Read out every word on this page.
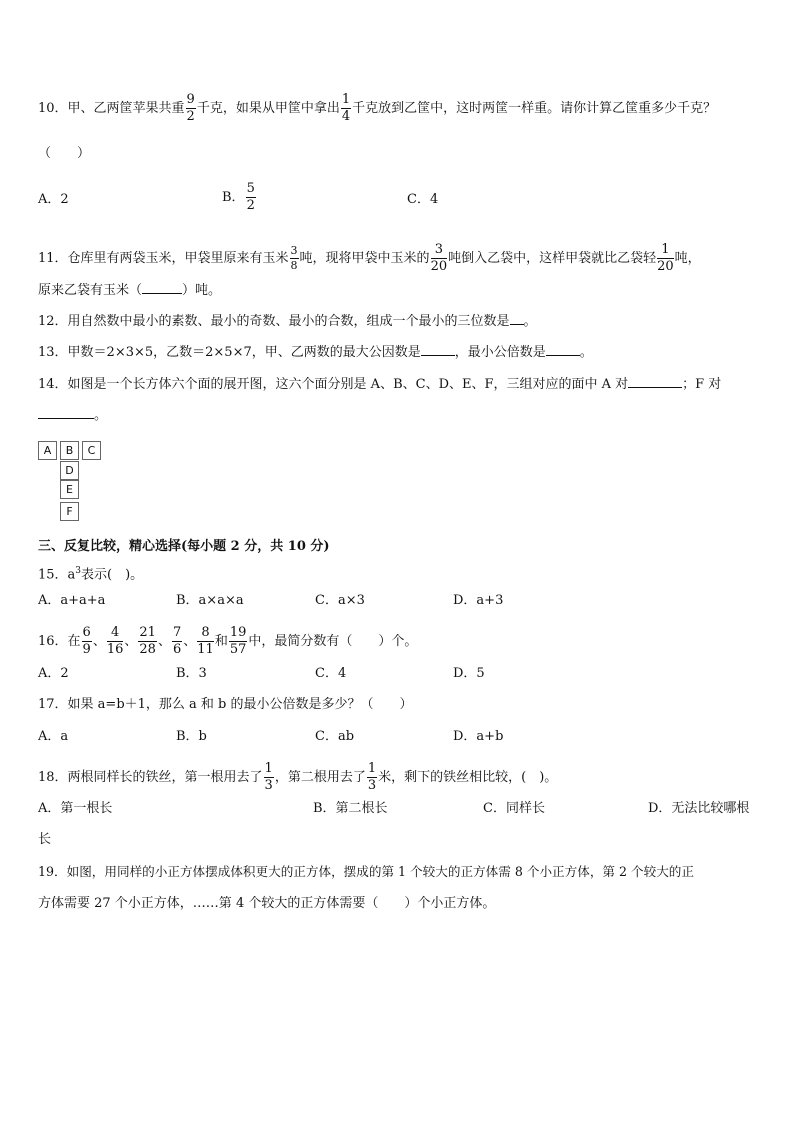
10．甲、乙两筐苹果共重 $\frac{9}{2}$ 千克，如果从甲筐中拿出 $\frac{1}{4}$ 千克放到乙筐中，这时两筐一样重。请你计算乙筐重多少千克？
（　　）
A．2	B． $\frac{5}{2}$	C．4
11．仓库里有两袋玉米，甲袋里原来有玉米 $\frac{3}{8}$ 吨，现将甲袋中玉米的 $\frac{3}{20}$ 吨倒入乙袋中，这样甲袋就比乙袋轻 $\frac{1}{20}$ 吨，
原来乙袋有玉米（	）吨。
12．用自然数中最小的素数、最小的奇数、最小的合数，组成一个最小的三位数是 。
13．甲数＝2×3×5，乙数＝2×5×7，甲、乙两数的最大公因数是	，最小公倍数是	。
14．如图是一个长方体六个面的展开图，这六个面分别是 A、B、C、D、E、F，三组对应的面中 A 对	；F 对
。
A	B	C
D
E
F
三、反复比较，精心选择(每小题 2 分，共 10 分)
15．$a^3$表示(　)。
A．a+a+a	B．a×a×a	C．a×3	D．a+3
16．在 $\frac{6}{9}$ 、 $\frac{4}{16}$ 、 $\frac{21}{28}$ 、 $\frac{7}{6}$ 、 $\frac{8}{11}$ 和 $\frac{19}{57}$ 中，最简分数有（　　）个。
A．2	B．3	C．4	D．5
17．如果 a=b＋1，那么 a 和 b 的最小公倍数是多少？（　　）
A．a	B．b	C．ab	D．a+b
18．两根同样长的铁丝，第一根用去了 $\frac{1}{3}$ ，第二根用去了 $\frac{1}{3}$ 米，剩下的铁丝相比较，(　)。
A．第一根长	B．第二根长	C．同样长	D．无法比较哪根
长
19．如图，用同样的小正方体摆成体积更大的正方体，摆成的第 1 个较大的正方体需 8 个小正方体，第 2 个较大的正
方体需要 27 个小正方体，……第 4 个较大的正方体需要（　　）个小正方体。
